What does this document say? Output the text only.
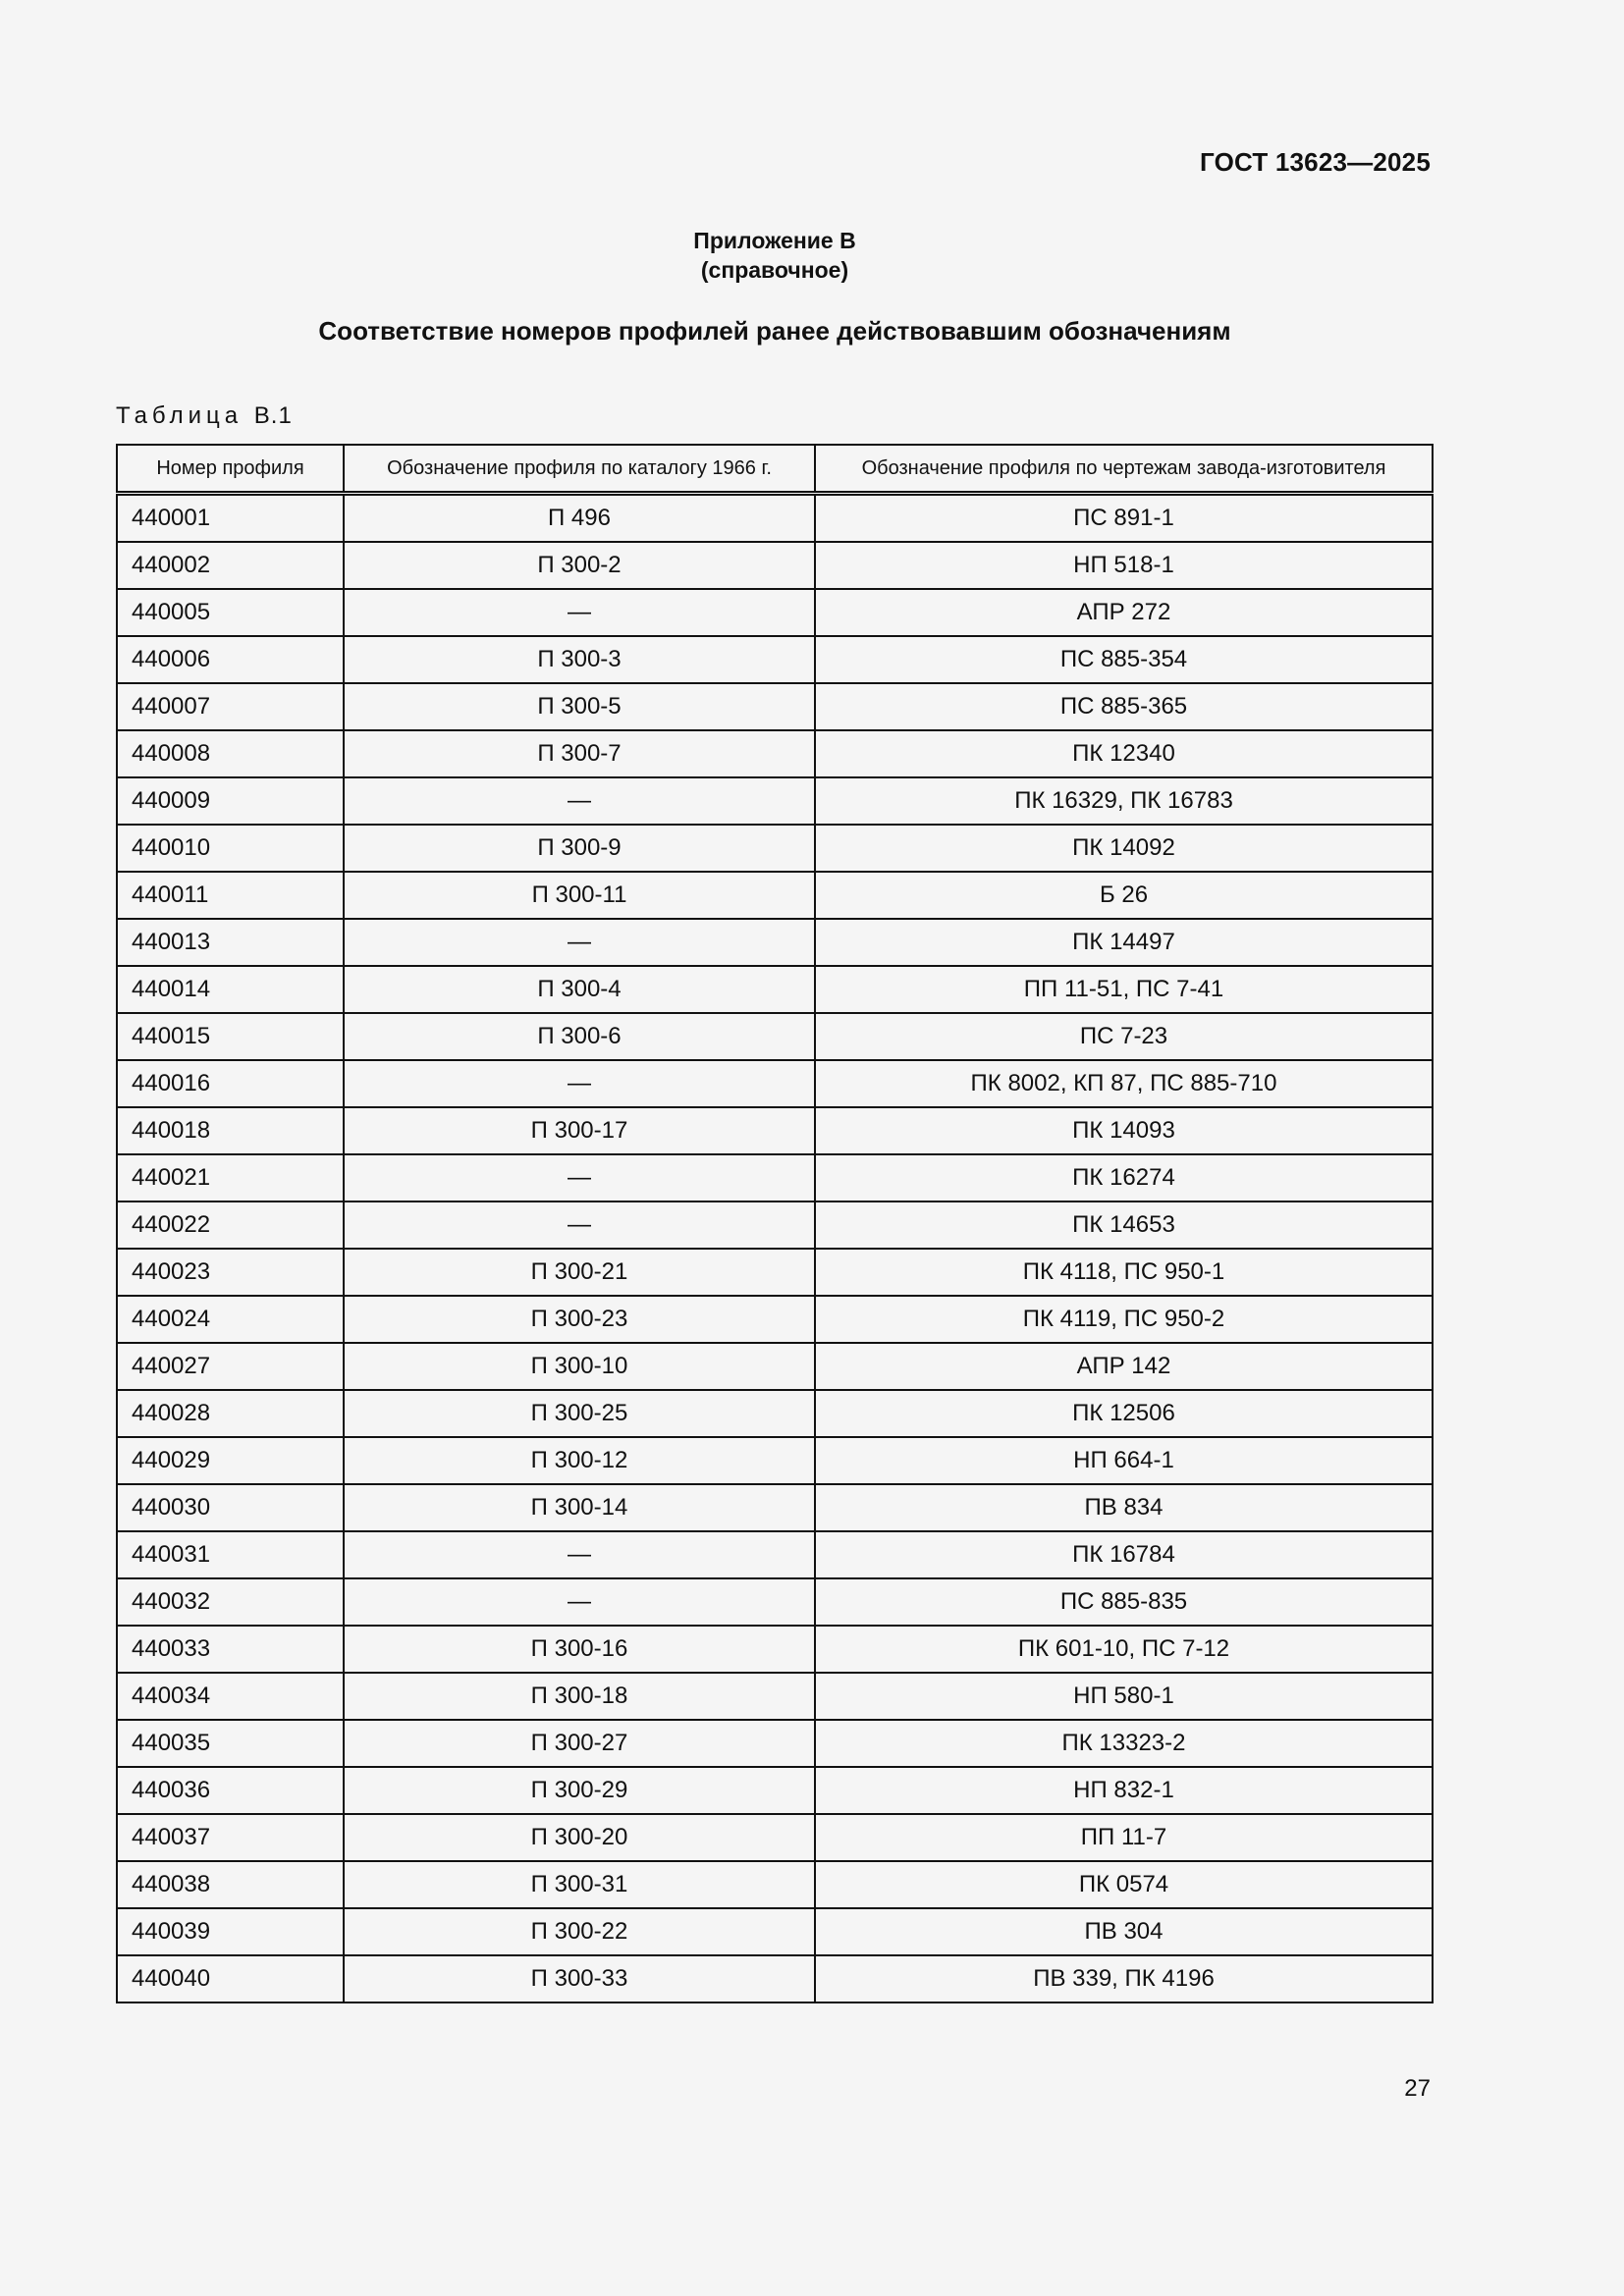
ГОСТ 13623—2025
Приложение В
(справочное)
Соответствие номеров профилей ранее действовавшим обозначениям
Таблица В.1
Номер профиля	Обозначение профиля по каталогу 1966 г.	Обозначение профиля по чертежам завода-изготовителя
440001	П 496	ПС 891-1
440002	П 300-2	НП 518-1
440005	—	АПР 272
440006	П 300-3	ПС 885-354
440007	П 300-5	ПС 885-365
440008	П 300-7	ПК 12340
440009	—	ПК 16329, ПК 16783
440010	П 300-9	ПК 14092
440011	П 300-11	Б 26
440013	—	ПК 14497
440014	П 300-4	ПП 11-51, ПС 7-41
440015	П 300-6	ПС 7-23
440016	—	ПК 8002, КП 87, ПС 885-710
440018	П 300-17	ПК 14093
440021	—	ПК 16274
440022	—	ПК 14653
440023	П 300-21	ПК 4118, ПС 950-1
440024	П 300-23	ПК 4119, ПС 950-2
440027	П 300-10	АПР 142
440028	П 300-25	ПК 12506
440029	П 300-12	НП 664-1
440030	П 300-14	ПВ 834
440031	—	ПК 16784
440032	—	ПС 885-835
440033	П 300-16	ПК 601-10, ПС 7-12
440034	П 300-18	НП 580-1
440035	П 300-27	ПК 13323-2
440036	П 300-29	НП 832-1
440037	П 300-20	ПП 11-7
440038	П 300-31	ПК 0574
440039	П 300-22	ПВ 304
440040	П 300-33	ПВ 339, ПК 4196
27
